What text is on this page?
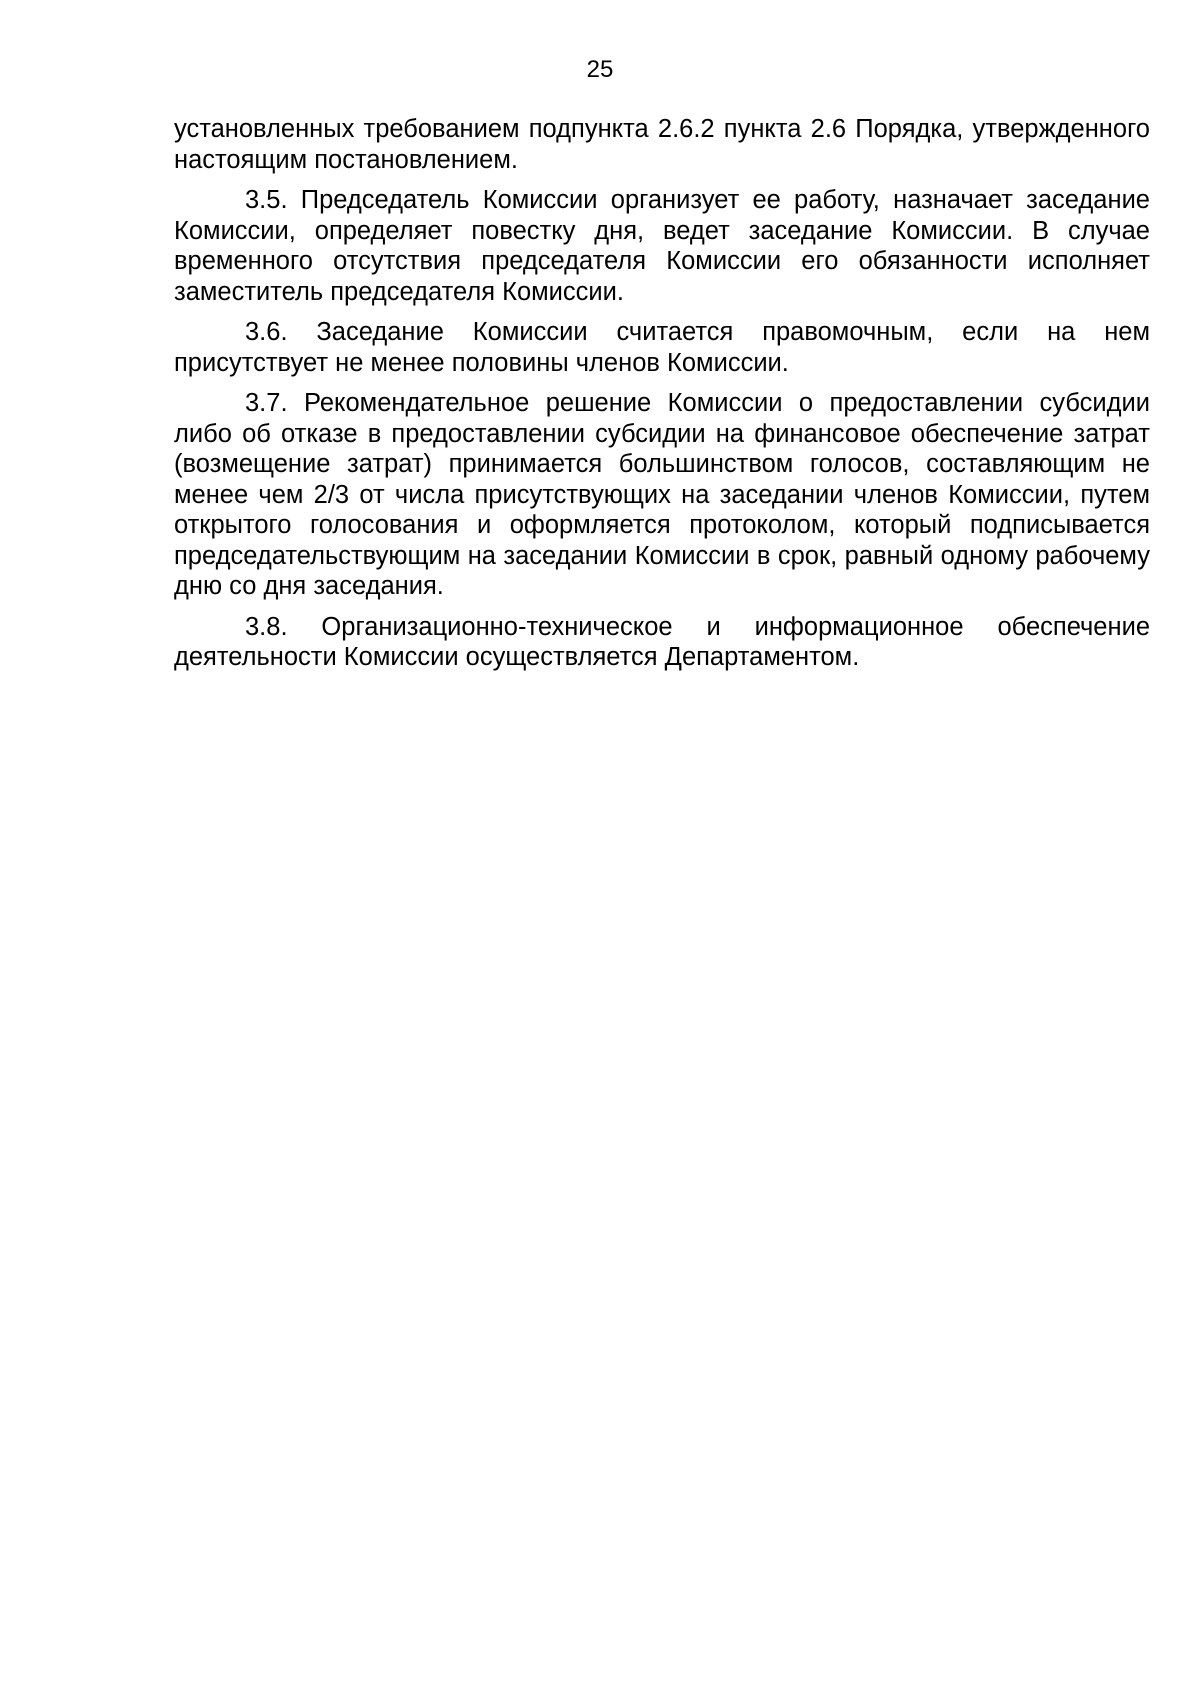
25

установленных требованием подпункта 2.6.2 пункта 2.6 Порядка, утвержденного настоящим постановлением.

3.5. Председатель Комиссии организует ее работу, назначает заседание Комиссии, определяет повестку дня, ведет заседание Комиссии. В случае временного отсутствия председателя Комиссии его обязанности исполняет заместитель председателя Комиссии.

3.6. Заседание Комиссии считается правомочным, если на нем присутствует не менее половины членов Комиссии.

3.7. Рекомендательное решение Комиссии о предоставлении субсидии либо об отказе в предоставлении субсидии на финансовое обеспечение затрат (возмещение затрат) принимается большинством голосов, составляющим не менее чем 2/3 от числа присутствующих на заседании членов Комиссии, путем открытого голосования и оформляется протоколом, который подписывается председательствующим на заседании Комиссии в срок, равный одному рабочему дню со дня заседания.

3.8. Организационно-техническое и информационное обеспечение деятельности Комиссии осуществляется Департаментом.
